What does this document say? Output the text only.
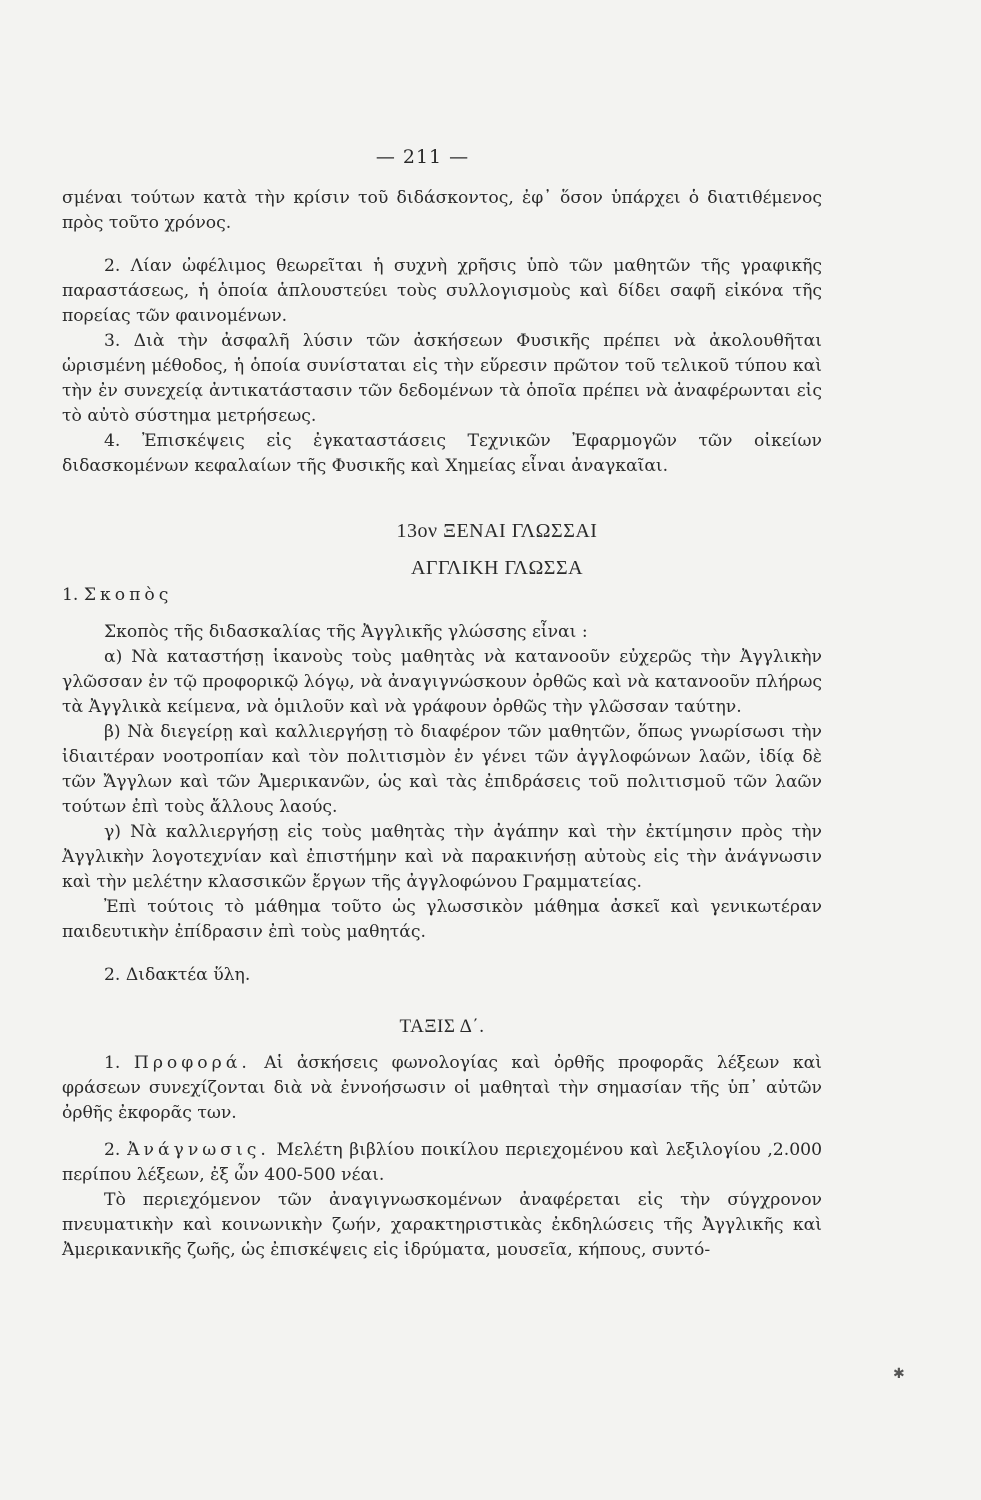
— 211 —

σμέναι τούτων κατὰ τὴν κρίσιν τοῦ διδάσκοντος, ἐφ᾽ ὅσον ὑπάρχει ὁ διατιθέμενος πρὸς τοῦτο χρόνος.

2. Λίαν ὠφέλιμος θεωρεῖται ἡ συχνὴ χρῆσις ὑπὸ τῶν μαθητῶν τῆς γραφικῆς παραστάσεως, ἡ ὁποία ἁπλουστεύει τοὺς συλλογισμοὺς καὶ δίδει σαφῆ εἰκόνα τῆς πορείας τῶν φαινομένων.

3. Διὰ τὴν ἀσφαλῆ λύσιν τῶν ἀσκήσεων Φυσικῆς πρέπει νὰ ἀκολουθῆται ὡρισμένη μέθοδος, ἡ ὁποία συνίσταται εἰς τὴν εὕρεσιν πρῶτον τοῦ τελικοῦ τύπου καὶ τὴν ἐν συνεχείᾳ ἀντικατάστασιν τῶν δεδομένων τὰ ὁποῖα πρέπει νὰ ἀναφέρωνται εἰς τὸ αὐτὸ σύστημα μετρήσεως.

4. Ἐπισκέψεις εἰς ἐγκαταστάσεις Τεχνικῶν Ἐφαρμογῶν τῶν οἰκείων διδασκομένων κεφαλαίων τῆς Φυσικῆς καὶ Χημείας εἶναι ἀναγκαῖαι.

13ον ΞΕΝΑΙ ΓΛΩΣΣΑΙ

ΑΓΓΛΙΚΗ ΓΛΩΣΣΑ

1. Σκοπὸς

Σκοπὸς τῆς διδασκαλίας τῆς Ἀγγλικῆς γλώσσης εἶναι :

α) Νὰ καταστήσῃ ἱκανοὺς τοὺς μαθητὰς νὰ κατανοοῦν εὐχερῶς τὴν Ἀγγλικὴν γλῶσσαν ἐν τῷ προφορικῷ λόγῳ, νὰ ἀναγιγνώσκουν ὀρθῶς καὶ νὰ κατανοοῦν πλήρως τὰ Ἀγγλικὰ κείμενα, νὰ ὁμιλοῦν καὶ νὰ γράφουν ὀρθῶς τὴν γλῶσσαν ταύτην.

β) Νὰ διεγείρῃ καὶ καλλιεργήσῃ τὸ διαφέρον τῶν μαθητῶν, ὅπως γνωρίσωσι τὴν ἰδιαιτέραν νοοτροπίαν καὶ τὸν πολιτισμὸν ἐν γένει τῶν ἀγγλοφώνων λαῶν, ἰδίᾳ δὲ τῶν Ἄγγλων καὶ τῶν Ἀμερικανῶν, ὡς καὶ τὰς ἐπιδράσεις τοῦ πολιτισμοῦ τῶν λαῶν τούτων ἐπὶ τοὺς ἄλλους λαούς.

γ) Νὰ καλλιεργήσῃ εἰς τοὺς μαθητὰς τὴν ἀγάπην καὶ τὴν ἐκτίμησιν πρὸς τὴν Ἀγγλικὴν λογοτεχνίαν καὶ ἐπιστήμην καὶ νὰ παρακινήσῃ αὐτοὺς εἰς τὴν ἀνάγνωσιν καὶ τὴν μελέτην κλασσικῶν ἔργων τῆς ἀγγλοφώνου Γραμματείας.

Ἐπὶ τούτοις τὸ μάθημα τοῦτο ὡς γλωσσικὸν μάθημα ἀσκεῖ καὶ γενικωτέραν παιδευτικὴν ἐπίδρασιν ἐπὶ τοὺς μαθητάς.

2. Διδακτέα ὕλη.

ΤΑΞΙΣ Δ΄.

1. Προφορά. Αἱ ἀσκήσεις φωνολογίας καὶ ὀρθῆς προφορᾶς λέξεων καὶ φράσεων συνεχίζονται διὰ νὰ ἐννοήσωσιν οἱ μαθηταὶ τὴν σημασίαν τῆς ὑπ᾽ αὐτῶν ὀρθῆς ἐκφορᾶς των.

2. Ἀνάγνωσις. Μελέτη βιβλίου ποικίλου περιεχομένου καὶ λεξιλογίου ,2.000 περίπου λέξεων, ἐξ ὧν 400-500 νέαι.

Τὸ περιεχόμενον τῶν ἀναγιγνωσκομένων ἀναφέρεται εἰς τὴν σύγχρονον πνευματικὴν καὶ κοινωνικὴν ζωήν, χαρακτηριστικὰς ἐκδηλώσεις τῆς Ἀγγλικῆς καὶ Ἀμερικανικῆς ζωῆς, ὡς ἐπισκέψεις εἰς ἱδρύματα, μουσεῖα, κήπους, συντό-

✱
